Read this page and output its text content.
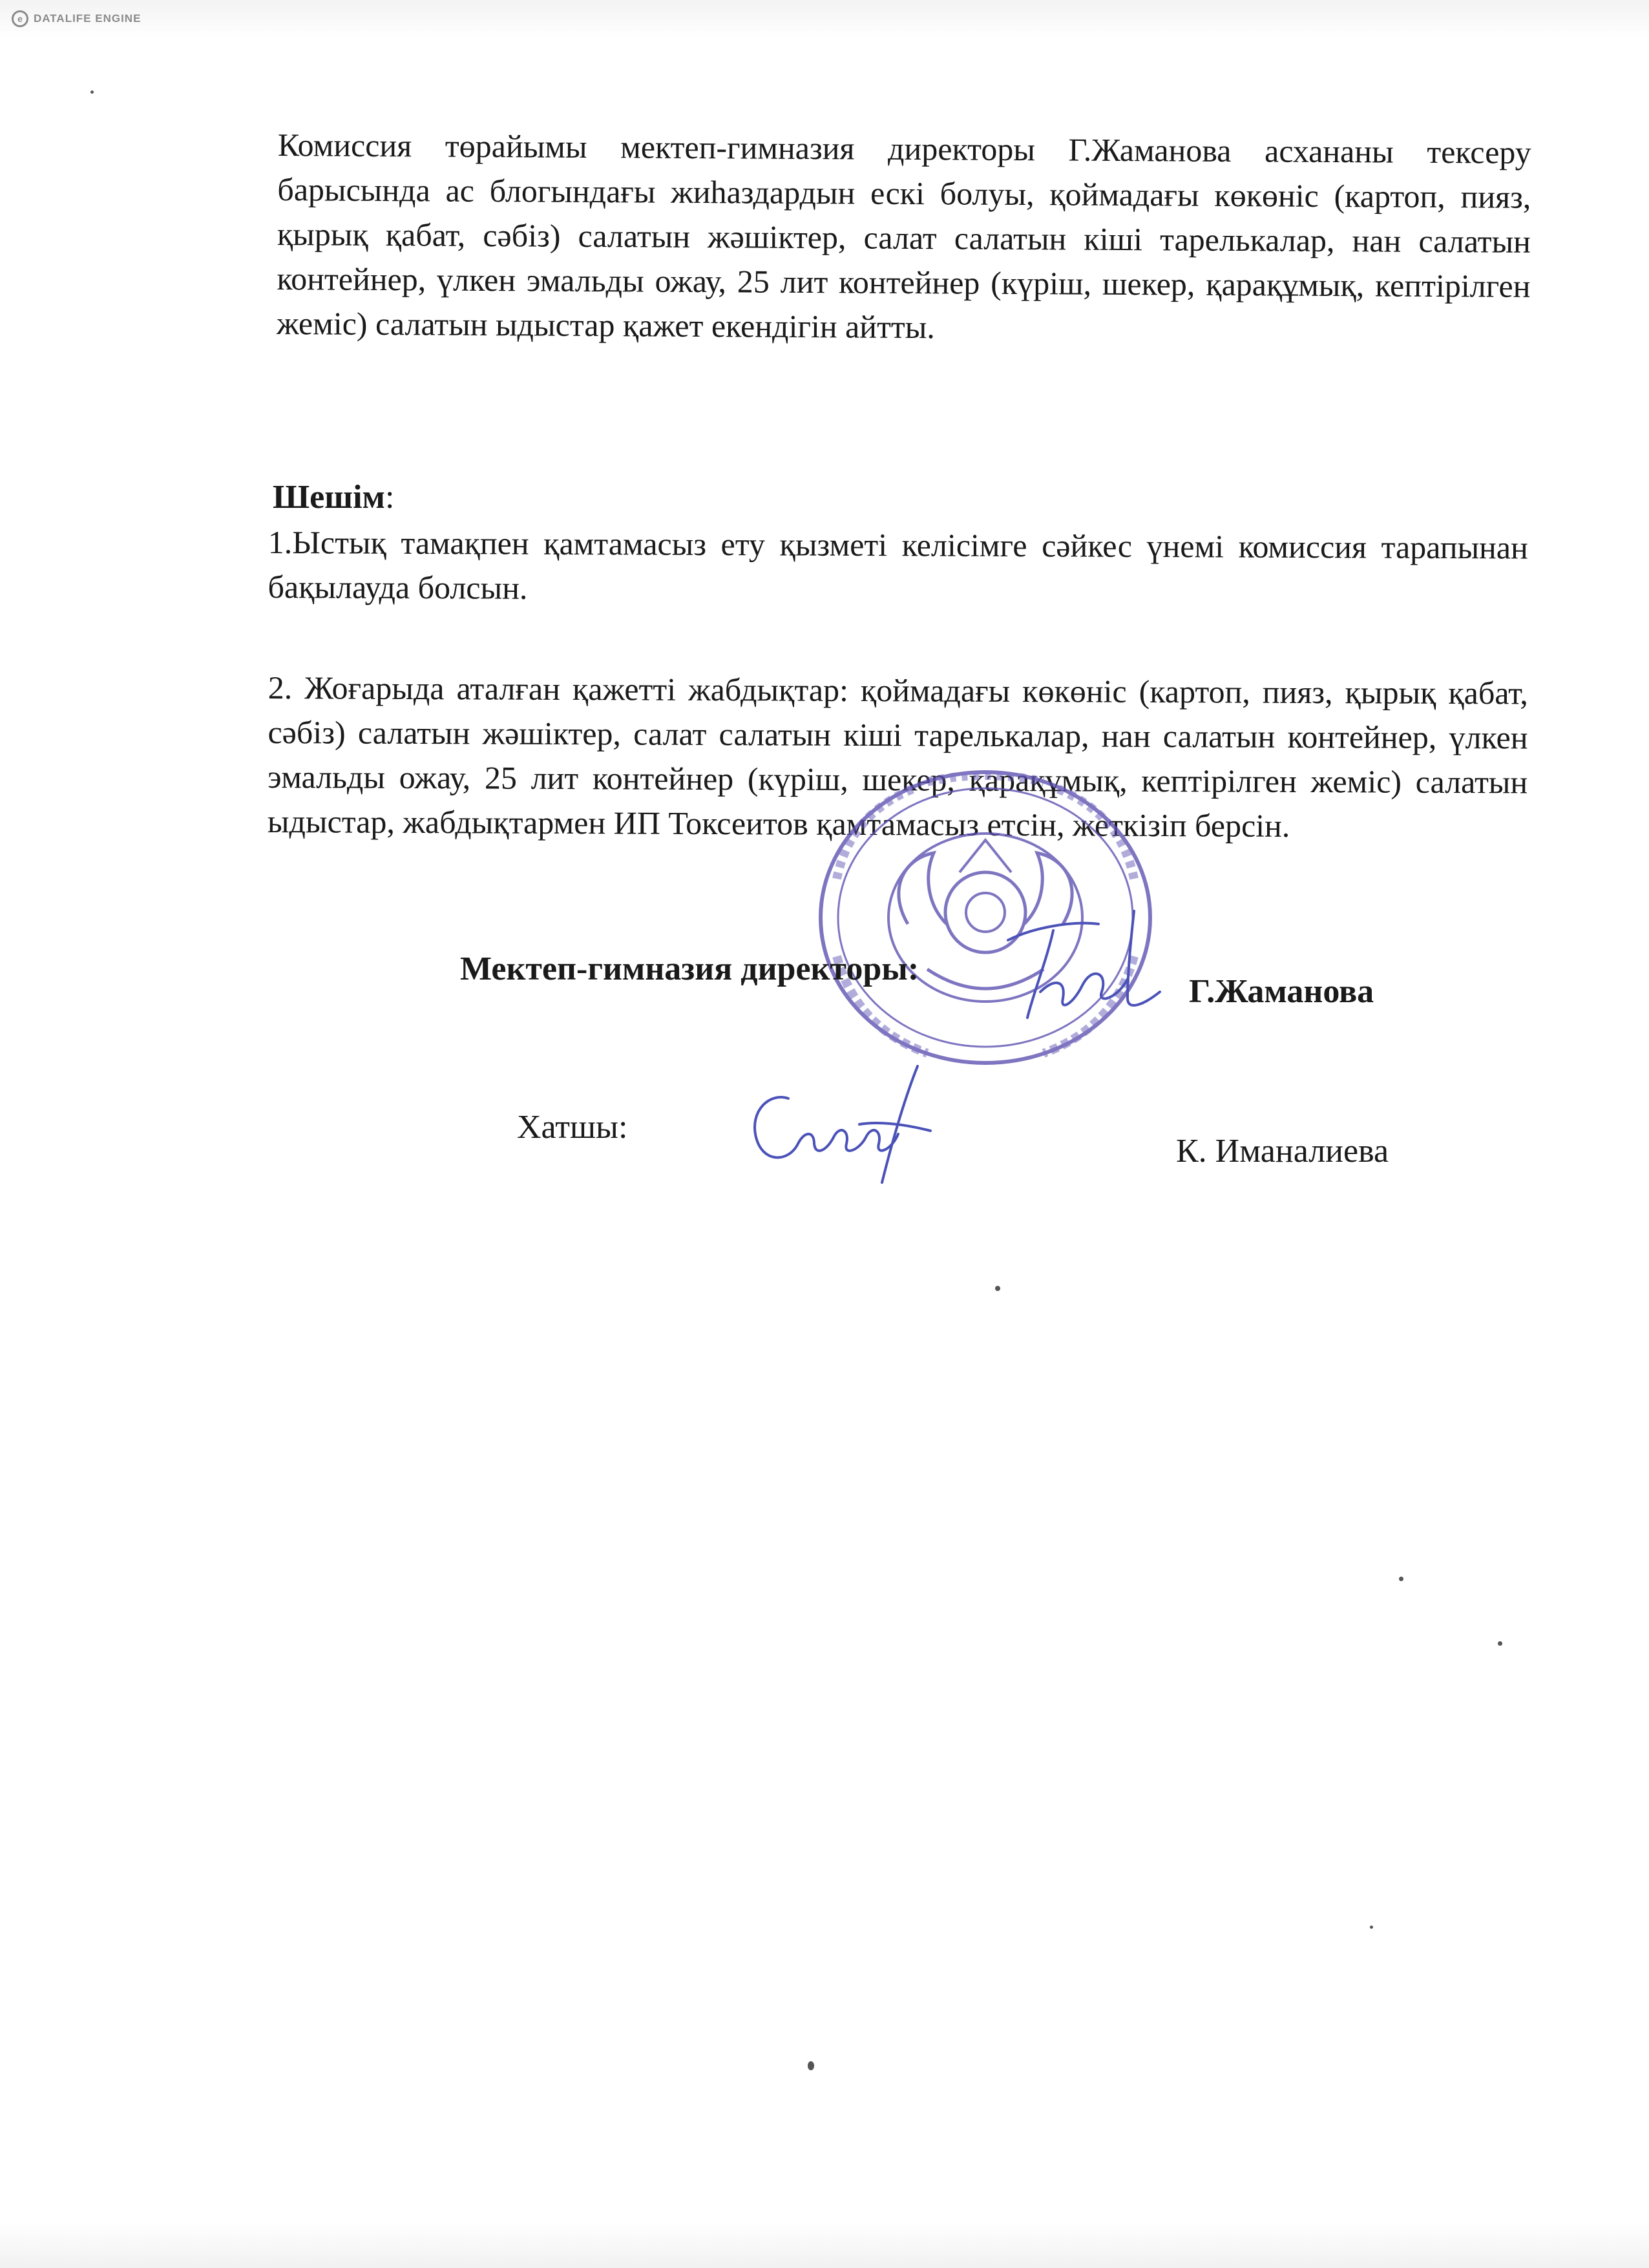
e	DATALIFE ENGINE
Комиссия төрайымы мектеп-гимназия директоры Г.Жаманова асхананы тексеру барысында ас блогындағы жиһаздардын ескі болуы, қоймадағы көкөніс (картоп, пияз, қырық қабат, сәбіз) салатын жәшіктер, салат салатын кіші тарелькалар, нан салатын контейнер, үлкен эмальды ожау, 25 лит контейнер (күріш, шекер, қарақұмық, кептірілген жеміс) салатын ыдыстар қажет екендігін айтты.
Шешім:
1.Ыстық тамақпен қамтамасыз ету қызметі келісімге сәйкес үнемі комиссия тарапынан бақылауда болсын.
2. Жоғарыда аталған қажетті жабдықтар: қоймадағы көкөніс (картоп, пияз, қырық қабат, сәбіз) салатын жәшіктер, салат салатын кіші тарелькалар, нан салатын контейнер, үлкен эмальды ожау, 25 лит контейнер (күріш, шекер, қарақұмық, кептірілген жеміс) салатын ыдыстар, жабдықтармен ИП Токсеитов қамтамасыз етсін, жеткізіп берсін.
Мектеп-гимназия директоры:
Г.Жаманова
Хатшы:
К. Иманалиева
